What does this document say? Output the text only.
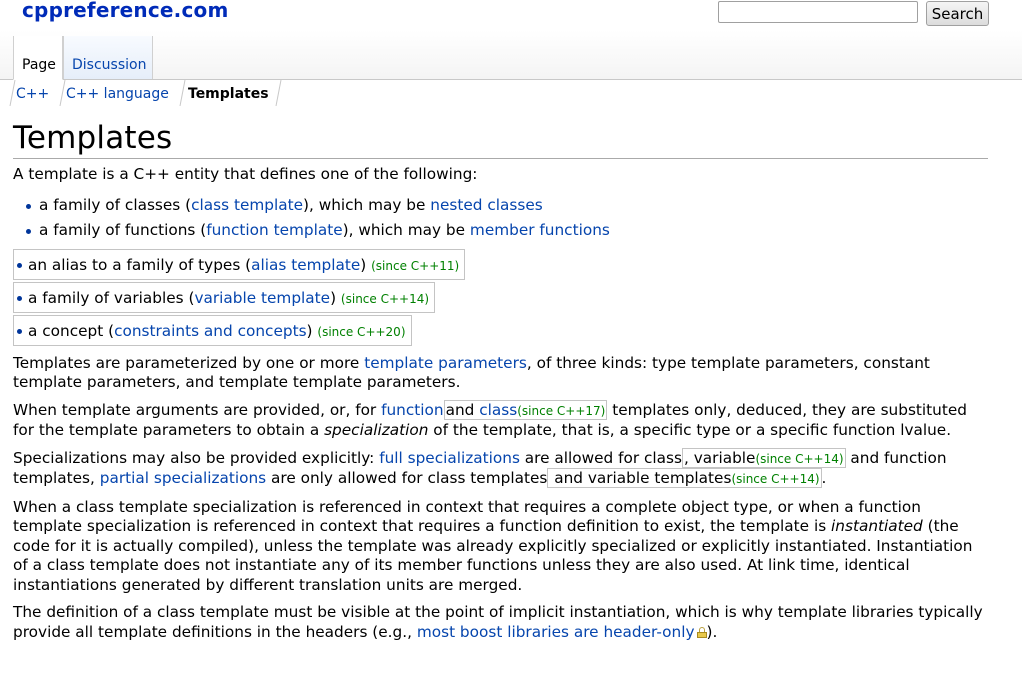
cppreference.com	Search
Page Discussion
C++ C++ language Templates
Templates

A template is a C++ entity that defines one of the following:

a family of classes (class template), which may be nested classes
a family of functions (function template), which may be member functions
an alias to a family of types (alias template) (since C++11)

a family of variables (variable template) (since C++14)

a concept (constraints and concepts) (since C++20)

Templates are parameterized by one or more template parameters, of three kinds: type template parameters, constant template parameters, and template template parameters.

When template arguments are provided, or, for function and class(since C++17) templates only, deduced, they are substituted for the template parameters to obtain a specialization of the template, that is, a specific type or a specific function lvalue.

Specializations may also be provided explicitly: full specializations are allowed for class , variable(since C++14) and function templates, partial specializations are only allowed for class templates and variable templates(since C++14) .

When a class template specialization is referenced in context that requires a complete object type, or when a function template specialization is referenced in context that requires a function definition to exist, the template is instantiated (the code for it is actually compiled), unless the template was already explicitly specialized or explicitly instantiated. Instantiation of a class template does not instantiate any of its member functions unless they are also used. At link time, identical instantiations generated by different translation units are merged.

The definition of a class template must be visible at the point of implicit instantiation, which is why template libraries typically provide all template definitions in the headers (e.g., most boost libraries are header-only ).
